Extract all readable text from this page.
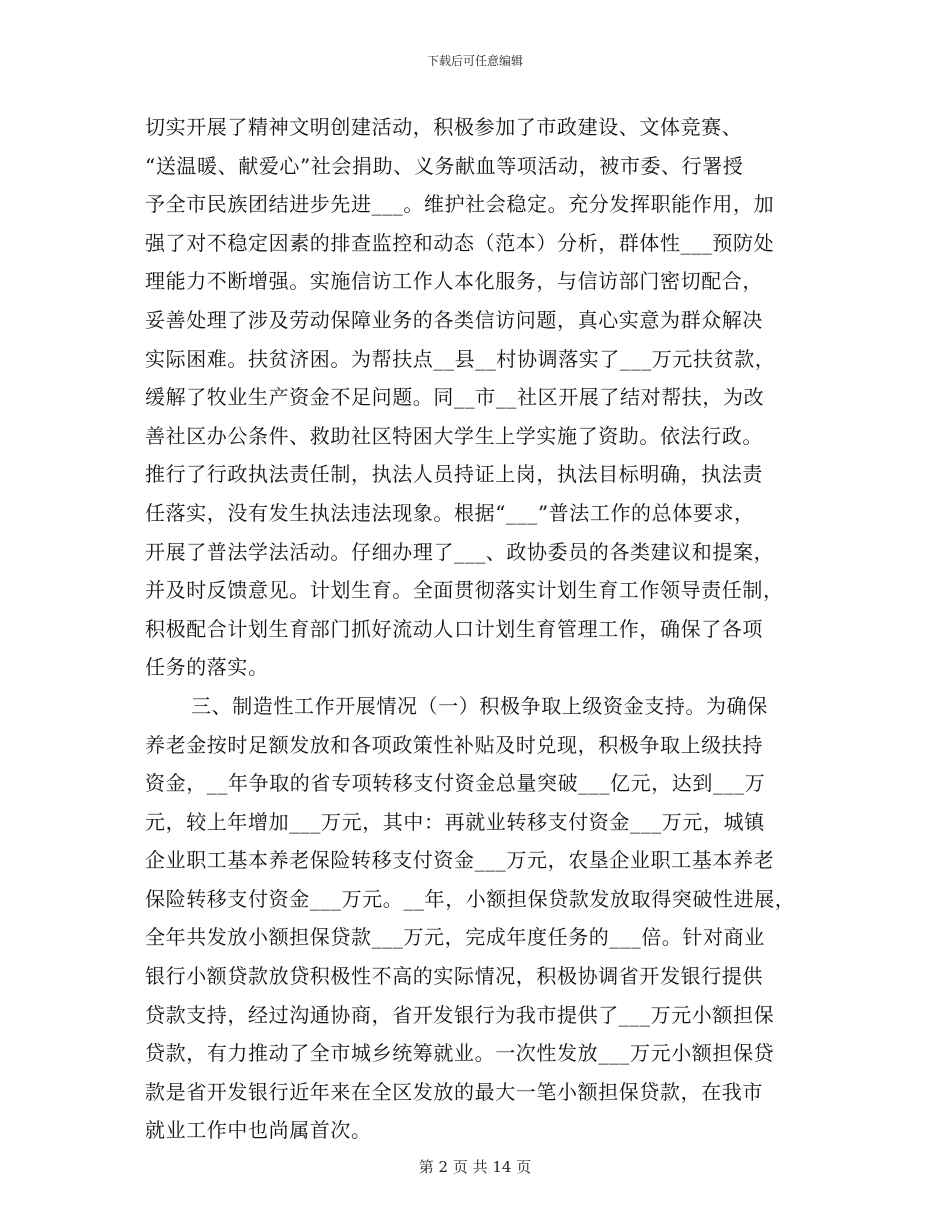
下载后可任意编辑
切实开展了精神文明创建活动，积极参加了市政建设、文体竞赛、
“送温暖、献爱心”社会捐助、义务献血等项活动，被市委、行署授
予全市民族团结进步先进___。维护社会稳定。充分发挥职能作用，加
强了对不稳定因素的排查监控和动态（范本）分析，群体性___预防处
理能力不断增强。实施信访工作人本化服务，与信访部门密切配合，
妥善处理了涉及劳动保障业务的各类信访问题，真心实意为群众解决
实际困难。扶贫济困。为帮扶点__县__村协调落实了___万元扶贫款，
缓解了牧业生产资金不足问题。同__市__社区开展了结对帮扶，为改
善社区办公条件、救助社区特困大学生上学实施了资助。依法行政。
推行了行政执法责任制，执法人员持证上岗，执法目标明确，执法责
任落实，没有发生执法违法现象。根据“___”普法工作的总体要求，
开展了普法学法活动。仔细办理了___、政协委员的各类建议和提案，
并及时反馈意见。计划生育。全面贯彻落实计划生育工作领导责任制，
积极配合计划生育部门抓好流动人口计划生育管理工作，确保了各项
任务的落实。
三、制造性工作开展情况（一）积极争取上级资金支持。为确保
养老金按时足额发放和各项政策性补贴及时兑现，积极争取上级扶持
资金，__年争取的省专项转移支付资金总量突破___亿元，达到___万
元，较上年增加___万元，其中：再就业转移支付资金___万元，城镇
企业职工基本养老保险转移支付资金___万元，农垦企业职工基本养老
保险转移支付资金___万元。__年，小额担保贷款发放取得突破性进展，
全年共发放小额担保贷款___万元，完成年度任务的___倍。针对商业
银行小额贷款放贷积极性不高的实际情况，积极协调省开发银行提供
贷款支持，经过沟通协商，省开发银行为我市提供了___万元小额担保
贷款，有力推动了全市城乡统筹就业。一次性发放___万元小额担保贷
款是省开发银行近年来在全区发放的最大一笔小额担保贷款，在我市
就业工作中也尚属首次。
第 2 页 共 14 页
